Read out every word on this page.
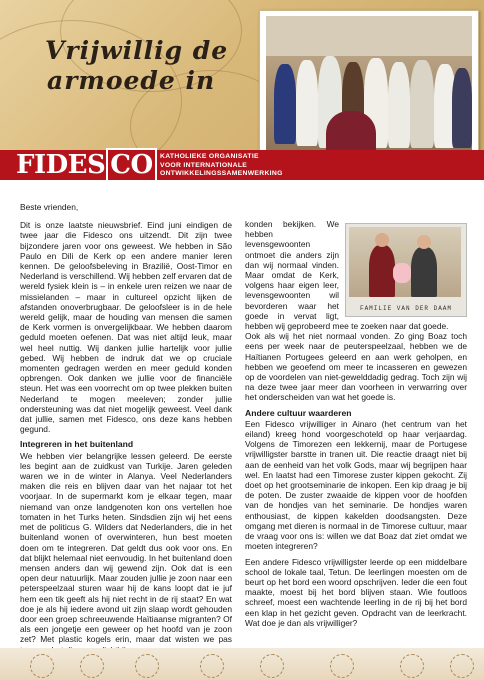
Vrijwillig de
armoede in
FIDES CO	KATHOLIEKE ORGANISATIE
VOOR INTERNATIONALE
ONTWIKKELINGSSAMENWERKING

Beste vrienden,

Dit is onze laatste nieuwsbrief. Eind juni eindigen de twee jaar die Fidesco ons uitzendt. Dit zijn twee bijzondere jaren voor ons geweest. We hebben in São Paulo en Dili de Kerk op een andere manier leren kennen. De geloofsbeleving in Brazilië, Oost-Timor en Nederland is verschillend. Wij hebben zelf ervaren dat de wereld fysiek klein is – in enkele uren reizen we naar de missielanden – maar in cultureel opzicht lijken de afstanden onoverbrugbaar. De geloofsleer is in de hele wereld gelijk, maar de houding van mensen die samen de Kerk vormen is onvergelijkbaar. We hebben daarom geduld moeten oefenen. Dat was niet altijd leuk, maar wel heel nuttig. Wij danken jullie hartelijk voor jullie gebed. Wij hebben de indruk dat we op cruciale momenten gedragen werden en meer geduld konden opbrengen. Ook danken we jullie voor de financiële steun. Het was een voorrecht om op twee plekken buiten Nederland te mogen meeleven; zonder jullie ondersteuning was dat niet mogelijk geweest. Veel dank dat jullie, samen met Fidesco, ons deze kans hebben gegund.

Integreren in het buitenland

We hebben vier belangrijke lessen geleerd. De eerste les begint aan de zuidkust van Turkije. Jaren geleden waren we in de winter in Alanya. Veel Nederlanders maken die reis en blijven daar van het najaar tot het voorjaar. In de supermarkt kom je elkaar tegen, maar niemand van onze landgenoten kon ons vertellen hoe tomaten in het Turks heten. Sindsdien zijn wij het eens met de politicus G. Wilders dat Nederlanders, die in het buitenland wonen of overwinteren, hun best moeten doen om te integreren. Dat geldt dus ook voor ons. En dat blijkt helemaal niet eenvoudig. In het buitenland doen mensen anders dan wij gewend zijn. Ook dat is een open deur natuurlijk. Maar zouden jullie je zoon naar een peterspeelzaal sturen waar hij de kans loopt dat ie juf hem een tik geeft als hij niet recht in de rij staat? En wat doe je als hij iedere avond uit zijn slaap wordt gehouden door een groep schreeuwende Haïtiaanse migranten? Of als een jongetje een geweer op het hoofd van je zoon zet? Met plastic kogels erin, maar dat wisten we pas

FAMILIE VAN DER DAAM

konden bekijken. We hebben levensgewoonten ontmoet die anders zijn dan wij normaal vinden. Maar omdat de Kerk, volgens haar eigen leer, levensgewoonten wil bevorderen waar het goede in vervat ligt, hebben wij geprobeerd mee te zoeken naar dat goede.

Ook als wij het niet normaal vonden. Zo ging Boaz toch eens per week naar de peuterspeelzaal, hebben we de Haïtianen Portugees geleerd en aan werk geholpen, en hebben we geoefend om meer te incasseren en gewezen op de voordelen van niet-gewelddadig gedrag. Toch zijn wij na deze twee jaar meer dan voorheen in verwarring over het onderscheiden van wat het goede is.

Andere cultuur waarderen

Een Fidesco vrijwilliger in Ainaro (het centrum van het eiland) kreeg hond voorgeschoteld op haar verjaardag. Volgens de Timorezen een lekkernij, maar de Portugese vrijwilligster barstte in tranen uit. Die reactie draagt niet bij aan de eenheid van het volk Gods, maar wij begrijpen haar wel. En laatst had een Timorese zuster kippen gekocht. Zij doet op het grootseminarie de inkopen. Een kip draag je bij de poten. De zuster zwaaide de kippen voor de hoofden van de hondjes van het seminarie. De hondjes waren enthousiast, de kippen kakelden doodsangsten. Deze omgang met dieren is normaal in de Timorese cultuur, maar de vraag voor ons is: willen we dat Boaz dat ziet omdat we moeten integreren?

Een andere Fidesco vrijwilligster leerde op een middelbare school de lokale taal, Tetun. De leerlingen moesten om de beurt op het bord een woord opschrijven. Ieder die een fout maakte, moest bij het bord blijven staan. Wie foutloos schreef, moest een wachtende leerling in de rij bij het bord een klap in het gezicht geven. Opdracht van de leerkracht. Wat doe je dan als vrijwilliger?
